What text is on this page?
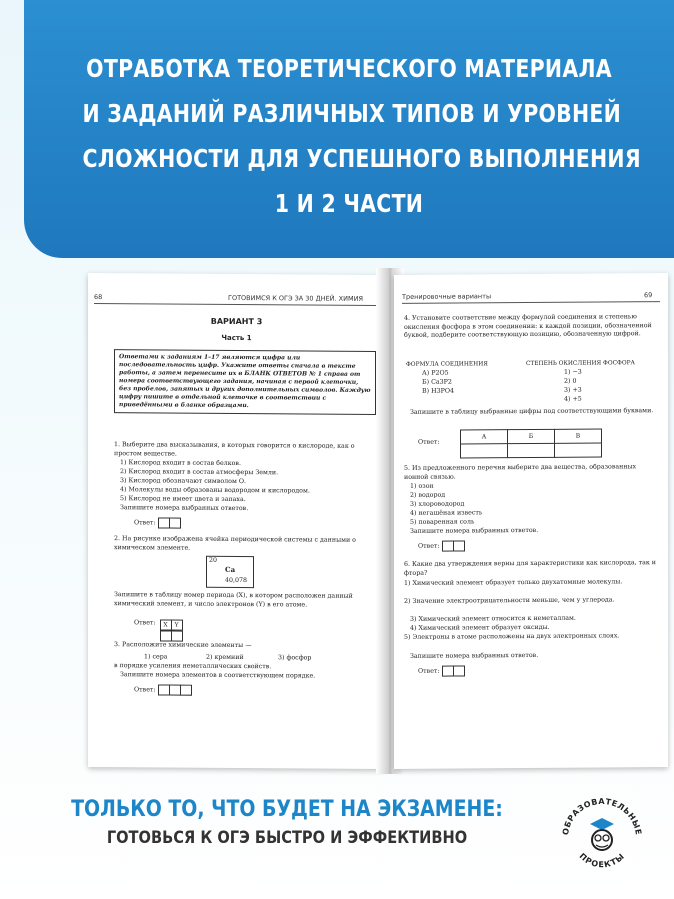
ОТРАБОТКА ТЕОРЕТИЧЕСКОГО МАТЕРИАЛА
И ЗАДАНИЙ РАЗЛИЧНЫХ ТИПОВ И УРОВНЕЙ
СЛОЖНОСТИ ДЛЯ УСПЕШНОГО ВЫПОЛНЕНИЯ
1 И 2 ЧАСТИ
68	ГОТОВИМСЯ К ОГЭ ЗА 30 ДНЕЙ. ХИМИЯ
ВАРИАНТ 3
Часть 1
Ответами к заданиям 1–17 являются цифра или последовательность цифр. Укажите ответы сначала в тексте работы, а затем перенесите их в БЛАНК ОТВЕТОВ № 1 справа от номера соответствующего задания, начиная с первой клеточки, без пробелов, запятых и других дополнительных символов. Каждую цифру пишите в отдельной клеточке в соответствии с приведёнными в бланке образцами.
1. Выберите два высказывания, в которых говорится о кислороде, как о простом веществе.
1) Кислород входит в состав белков.
2) Кислород входит в состав атмосферы Земли.
3) Кислород обозначают символом О.
4) Молекулы воды образованы водородом и кислородом.
5) Кислород не имеет цвета и запаха.
Запишите номера выбранных ответов.
Ответ:
2. На рисунке изображена ячейка периодической системы с данными о химическом элементе.
20
Ca
40,078
Запишите в таблицу номер периода (X), в котором расположен данный химический элемент, и число электронов (Y) в его атоме.
Ответ: X Y

3. Расположите химические элементы —
1) сера	2) кремний	3) фосфор
в порядке усиления неметаллических свойств.
Запишите номера элементов в соответствующем порядке.
Ответ:
Тренировочные варианты	69
4. Установите соответствие между формулой соединения и степенью окисления фосфора в этом соединении: к каждой позиции, обозначенной буквой, подберите соответствующую позицию, обозначенную цифрой.
ФОРМУЛА СОЕДИНЕНИЯ	СТЕПЕНЬ ОКИСЛЕНИЯ ФОСФОРА
А) P2O5
Б) Ca3P2
В) H3PO4
1) −3
2) 0
3) +3
4) +5
Запишите в таблицу выбранные цифры под соответствующими буквами.
Ответ:
А	Б	В

5. Из предложенного перечня выберите два вещества, образованных ионной связью.
1) озон
2) водород
3) хлороводород
4) негашёная известь
5) поваренная соль
Запишите номера выбранных ответов.
Ответ:
6. Какие два утверждения верны для характеристики как кислорода, так и фтора?
1) Химический элемент образует только двухатомные молекулы.
2) Значение электроотрицательности меньше, чем у углерода.
3) Химический элемент относится к неметаллам.
4) Химический элемент образует оксиды.
5) Электроны в атоме расположены на двух электронных слоях.
Запишите номера выбранных ответов.
Ответ:
ТОЛЬКО ТО, ЧТО БУДЕТ НА ЭКЗАМЕНЕ:
ГОТОВЬСЯ К ОГЭ БЫСТРО И ЭФФЕКТИВНО	ОБРАЗОВАТЕЛЬНЫЕ
ПРОЕКТЫ
